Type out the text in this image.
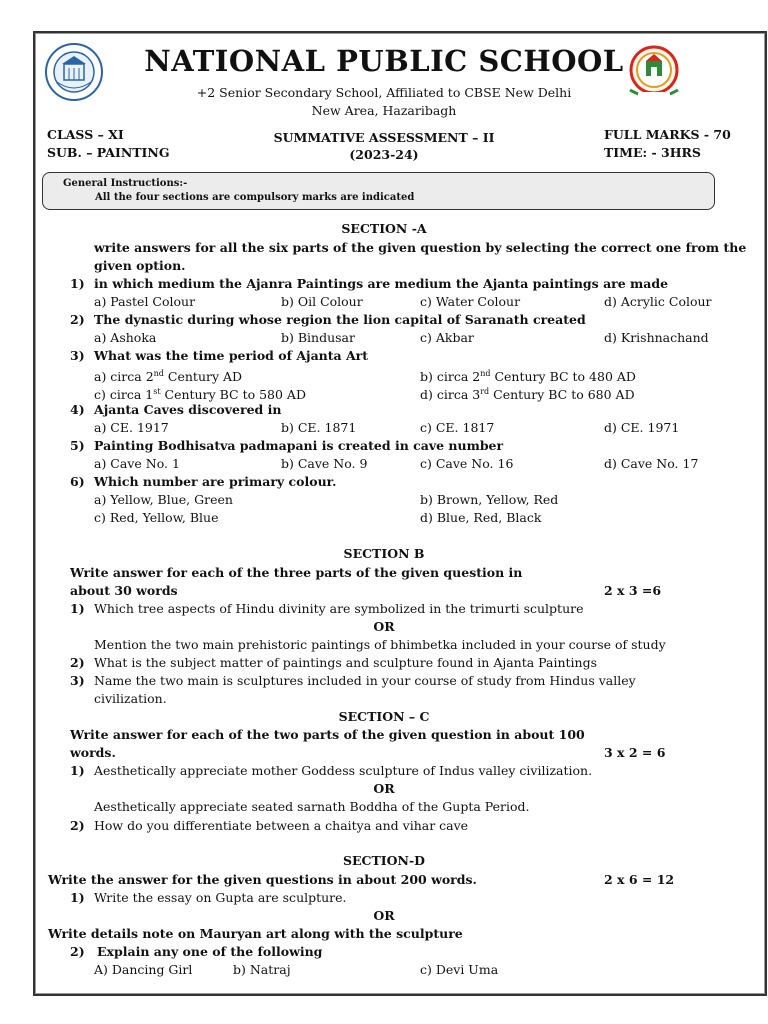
NATIONAL PUBLIC SCHOOL
+2 Senior Secondary School, Affiliated to CBSE New Delhi
New Area, Hazaribagh
CLASS – XI
SUB. – PAINTING
SUMMATIVE ASSESSMENT – II
(2023-24)
FULL MARKS - 70
TIME: - 3HRS
General Instructions:-
All the four sections are compulsory marks are indicated
SECTION -A
write answers for all the six parts of the given question by selecting the correct one from the
given option.
1) in which medium the Ajanra Paintings are medium the Ajanta paintings are made
a) Pastel Colour	b) Oil Colour	c) Water Colour	d) Acrylic Colour
2) The dynastic during whose region the lion capital of Saranath created
a) Ashoka	b) Bindusar	c) Akbar	d) Krishnachand
3) What was the time period of Ajanta Art
a) circa 2nd Century AD	b) circa 2nd Century BC to 480 AD
c) circa 1st Century BC to 580 AD	d) circa 3rd Century BC to 680 AD
4) Ajanta Caves discovered in
a) CE. 1917	b) CE. 1871	c) CE. 1817	d) CE. 1971
5) Painting Bodhisatva padmapani is created in cave number
a) Cave No. 1	b) Cave No. 9	c) Cave No. 16	d) Cave No. 17
6) Which number are primary colour.
a) Yellow, Blue, Green	b) Brown, Yellow, Red
c) Red, Yellow, Blue	d) Blue, Red, Black
SECTION B
Write answer for each of the three parts of the given question in
about 30 words	2 x 3 =6
1) Which tree aspects of Hindu divinity are symbolized in the trimurti sculpture
OR
Mention the two main prehistoric paintings of bhimbetka included in your course of study
2) What is the subject matter of paintings and sculpture found in Ajanta Paintings
3) Name the two main is sculptures included in your course of study from Hindus valley
civilization.
SECTION – C
Write answer for each of the two parts of the given question in about 100
words.	3 x 2 = 6
1) Aesthetically appreciate mother Goddess sculpture of Indus valley civilization.
OR
Aesthetically appreciate seated sarnath Boddha of the Gupta Period.
2) How do you differentiate between a chaitya and vihar cave
SECTION-D
Write the answer for the given questions in about 200 words.	2 x 6 = 12
1) Write the essay on Gupta are sculpture.
OR
Write details note on Mauryan art along with the sculpture
2) Explain any one of the following
A) Dancing Girl	b) Natraj	c) Devi Uma
